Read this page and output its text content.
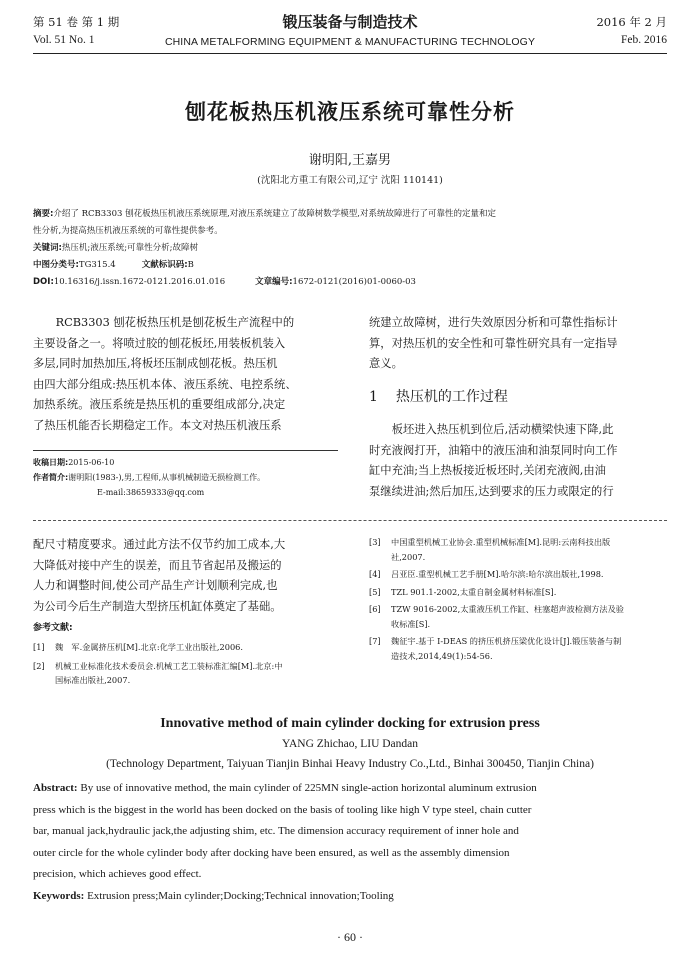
第 51 卷 第 1 期	锻压装备与制造技术	2016 年 2 月
Vol. 51 No. 1	CHINA METALFORMING EQUIPMENT & MANUFACTURING TECHNOLOGY	Feb. 2016
刨花板热压机液压系统可靠性分析
谢明阳,王嘉男
(沈阳北方重工有限公司,辽宁 沈阳 110141)
摘要:介绍了 RCB3303 刨花板热压机液压系统原理,对液压系统建立了故障树数学模型,对系统故障进行了可靠性的定量和定
性分析,为提高热压机液压系统的可靠性提供参考。
关键词:热压机;液压系统;可靠性分析;故障树
中图分类号:TG315.4	文献标识码:B
DOI:10.16316/j.issn.1672-0121.2016.01.016	文章编号:1672-0121(2016)01-0060-03
　　RCB3303 刨花板热压机是刨花板生产流程中的
主要设备之一。将喷过胶的刨花板坯,用装板机装入
多层,同时加热加压,将板坯压制成刨花板。热压机
由四大部分组成:热压机本体、液压系统、电控系统、
加热系统。液压系统是热压机的重要组成部分,决定
了热压机能否长期稳定工作。本文对热压机液压系
收稿日期:2015-06-10
作者简介:谢明阳(1983-),男,工程师,从事机械制造无损检测工作。
E-mail:38659333@qq.com
统建立故障树，进行失效原因分析和可靠性指标计
算，对热压机的安全性和可靠性研究具有一定指导
意义。
1 热压机的工作过程
　　板坯进入热压机到位后,活动横梁快速下降,此
时充液阀打开，油箱中的液压油和油泵同时向工作
缸中充油;当上热板接近板坯时,关闭充液阀,由油
泵继续进油;然后加压,达到要求的压力或限定的行
配尺寸精度要求。通过此方法不仅节约加工成本,大
大降低对接中产生的误差，而且节省起吊及搬运的
人力和调整时间,使公司产品生产计划顺利完成,也
为公司今后生产制造大型挤压机缸体奠定了基础。
参考文献:
[1]	魏　军.金属挤压机[M].北京:化学工业出版社,2006.
[2]	机械工业标准化技术委员会.机械工艺工装标准汇编[M].北京:中
国标准出版社,2007.
[3]	中国重型机械工业协会.重型机械标准[M].昆明:云南科技出版
社,2007.
[4]	吕亚臣.重型机械工艺手册[M].哈尔滨:哈尔滨出版社,1998.
[5]	TZL 901.1-2002,太重自制金属材料标准[S].
[6]	TZW 9016-2002,太重液压机工作缸、柱塞超声波检测方法及验
收标准[S].
[7]	魏征宇.基于 I-DEAS 的挤压机挤压梁优化设计[J].锻压装备与制
造技术,2014,49(1):54-56.
Innovative method of main cylinder docking for extrusion press
YANG Zhichao, LIU Dandan
(Technology Department, Taiyuan Tianjin Binhai Heavy Industry Co.,Ltd., Binhai 300450, Tianjin China)
Abstract: By use of innovative method, the main cylinder of 225MN single-action horizontal aluminum extrusion
press which is the biggest in the world has been docked on the basis of tooling like high V type steel, chain cutter
bar, manual jack,hydraulic jack,the adjusting shim, etc. The dimension accuracy requirement of inner hole and
outer circle for the whole cylinder body after docking have been ensured, as well as the assembly dimension
precision, which achieves good effect.
Keywords: Extrusion press;Main cylinder;Docking;Technical innovation;Tooling
· 60 ·
